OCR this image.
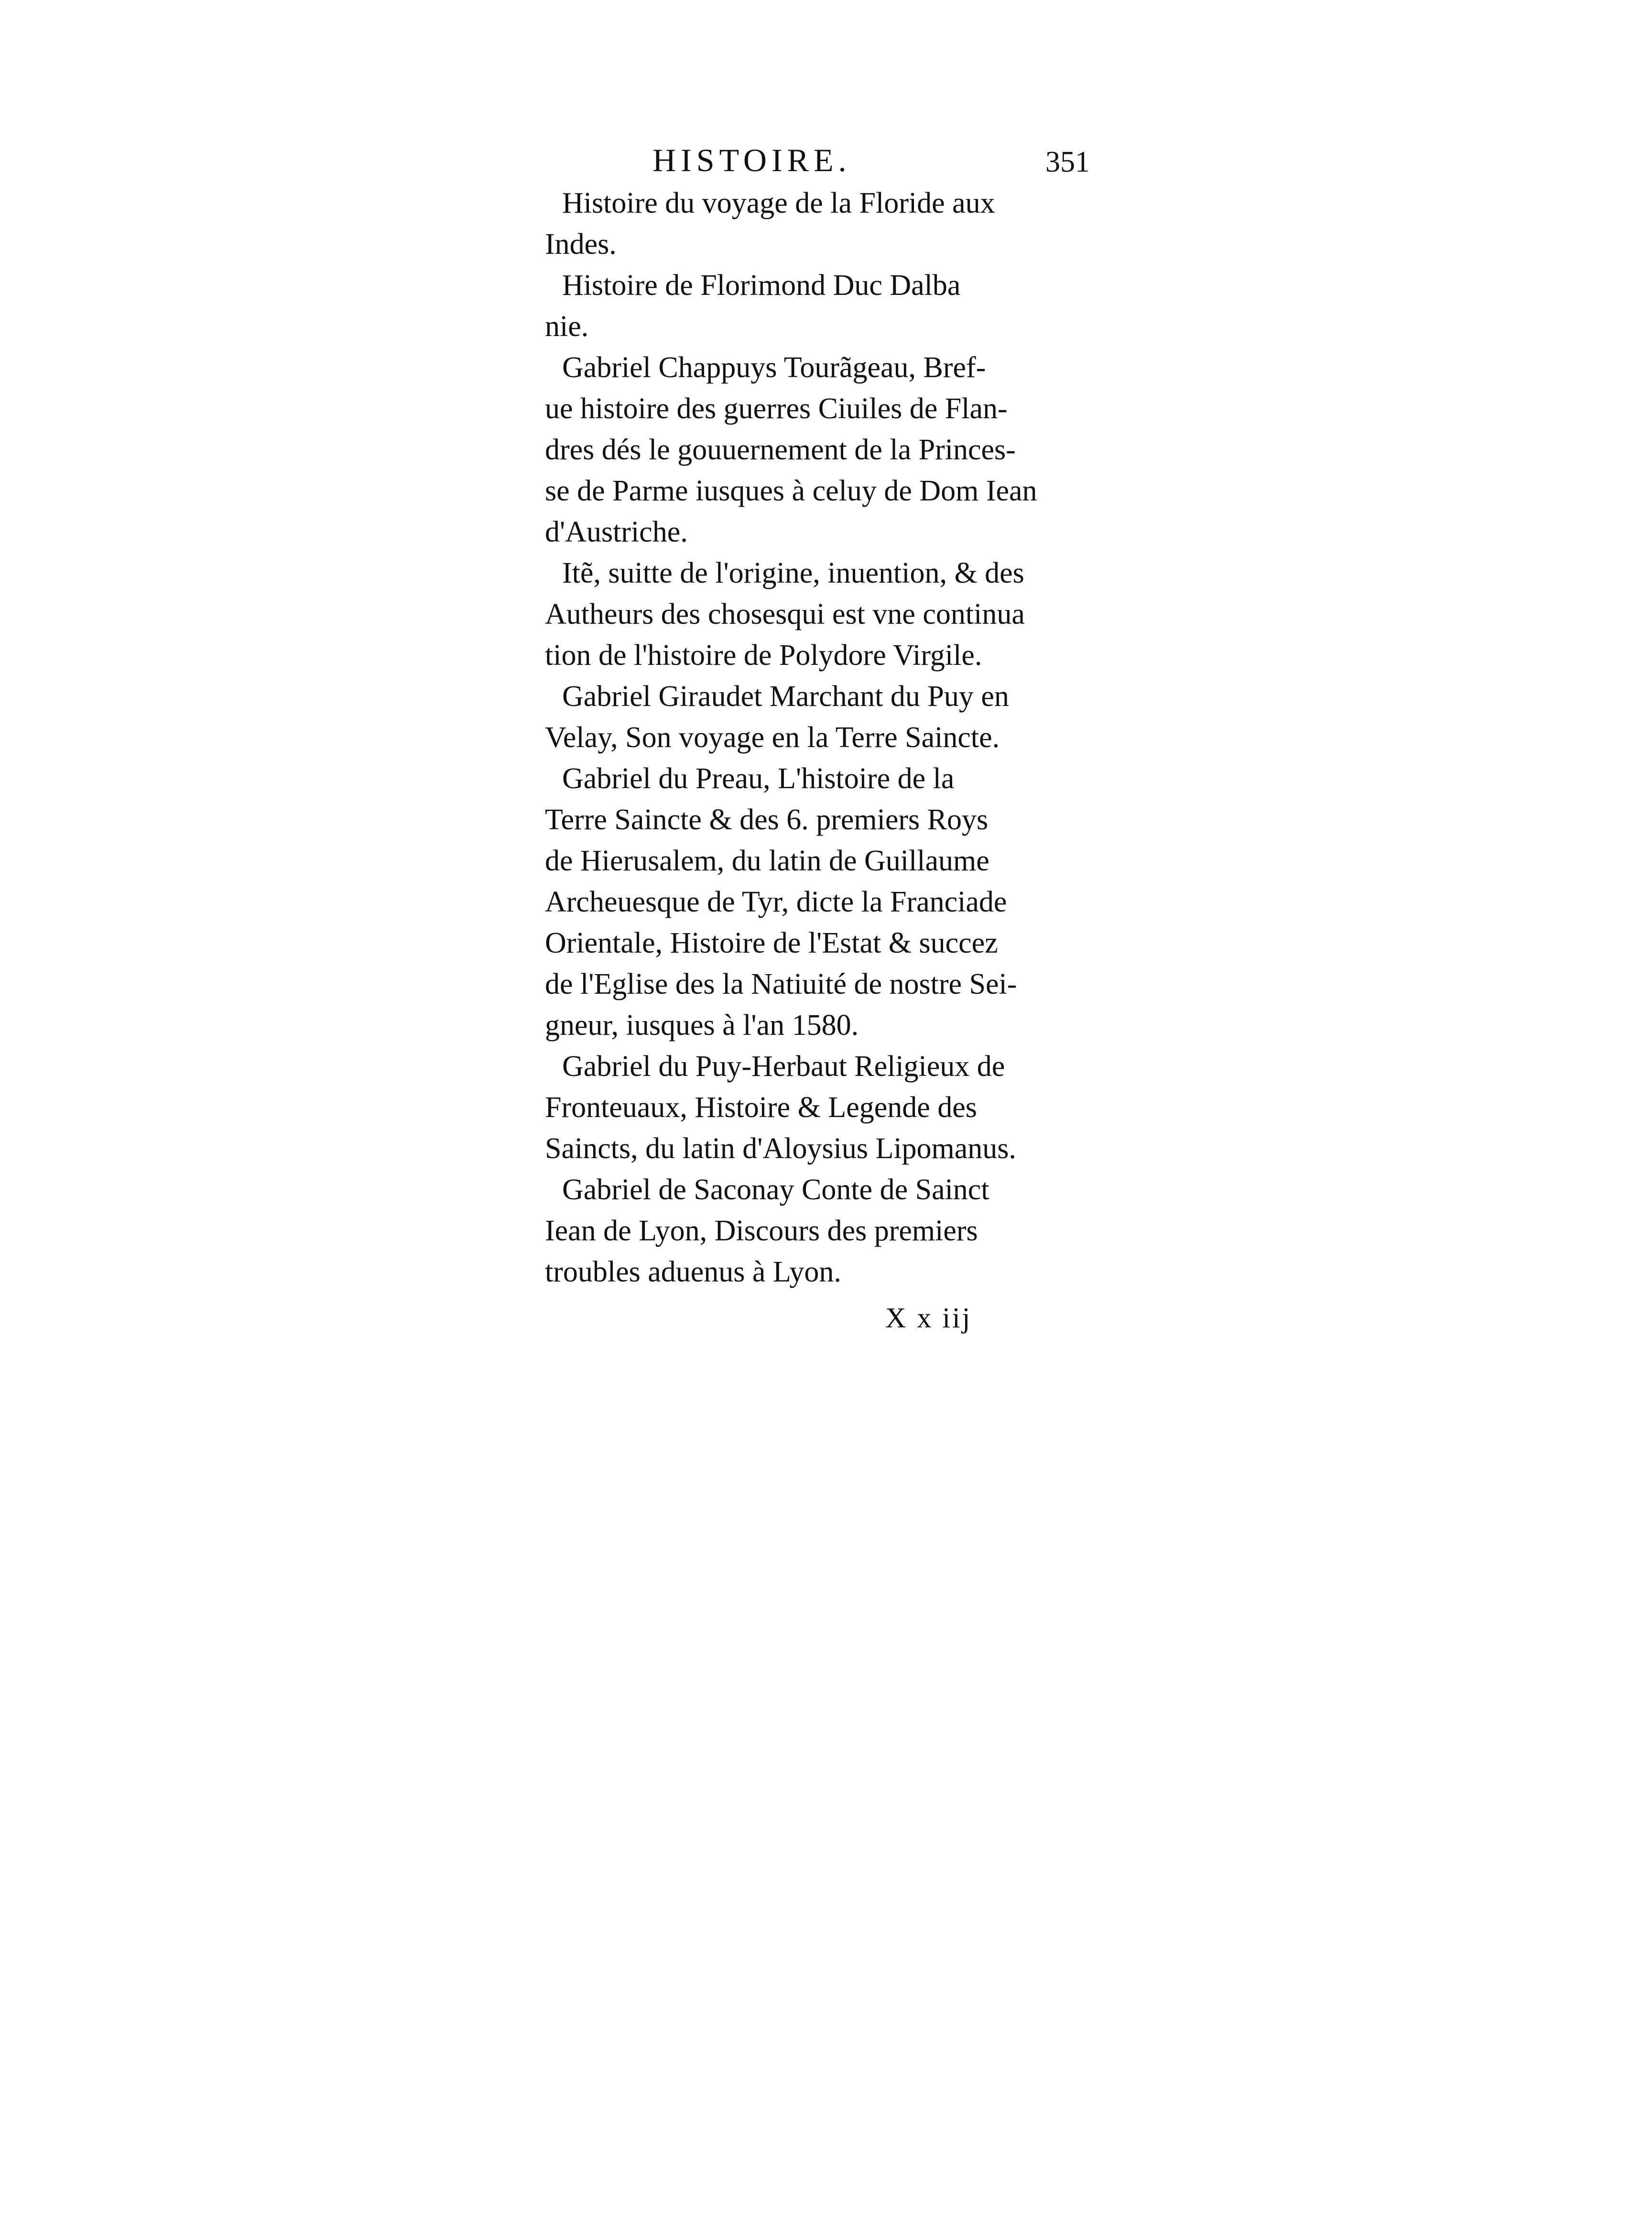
HISTOIRE.	351

Histoire du voyage de la Floride aux
Indes.

Histoire de Florimond Duc Dalba
nie.

Gabriel Chappuys Tourãgeau, Bref-
ue histoire des guerres Ciuiles de Flan-
dres dés le gouuernement de la Princes-
se de Parme iusques à celuy de Dom Iean
d'Austriche.

Itẽ, suitte de l'origine, inuention, & des
Autheurs des chosesqui est vne continua
tion de l'histoire de Polydore Virgile.

Gabriel Giraudet Marchant du Puy en
Velay, Son voyage en la Terre Saincte.

Gabriel du Preau, L'histoire de la
Terre Saincte & des 6. premiers Roys
de Hierusalem, du latin de Guillaume
Archeuesque de Tyr, dicte la Franciade
Orientale, Histoire de l'Estat & succez
de l'Eglise des la Natiuité de nostre Sei-
gneur, iusques à l'an 1580.

Gabriel du Puy-Herbaut Religieux de
Fronteuaux, Histoire & Legende des
Saincts, du latin d'Aloysius Lipomanus.

Gabriel de Saconay Conte de Sainct
Iean de Lyon, Discours des premiers
troubles aduenus à Lyon.

X x iij
